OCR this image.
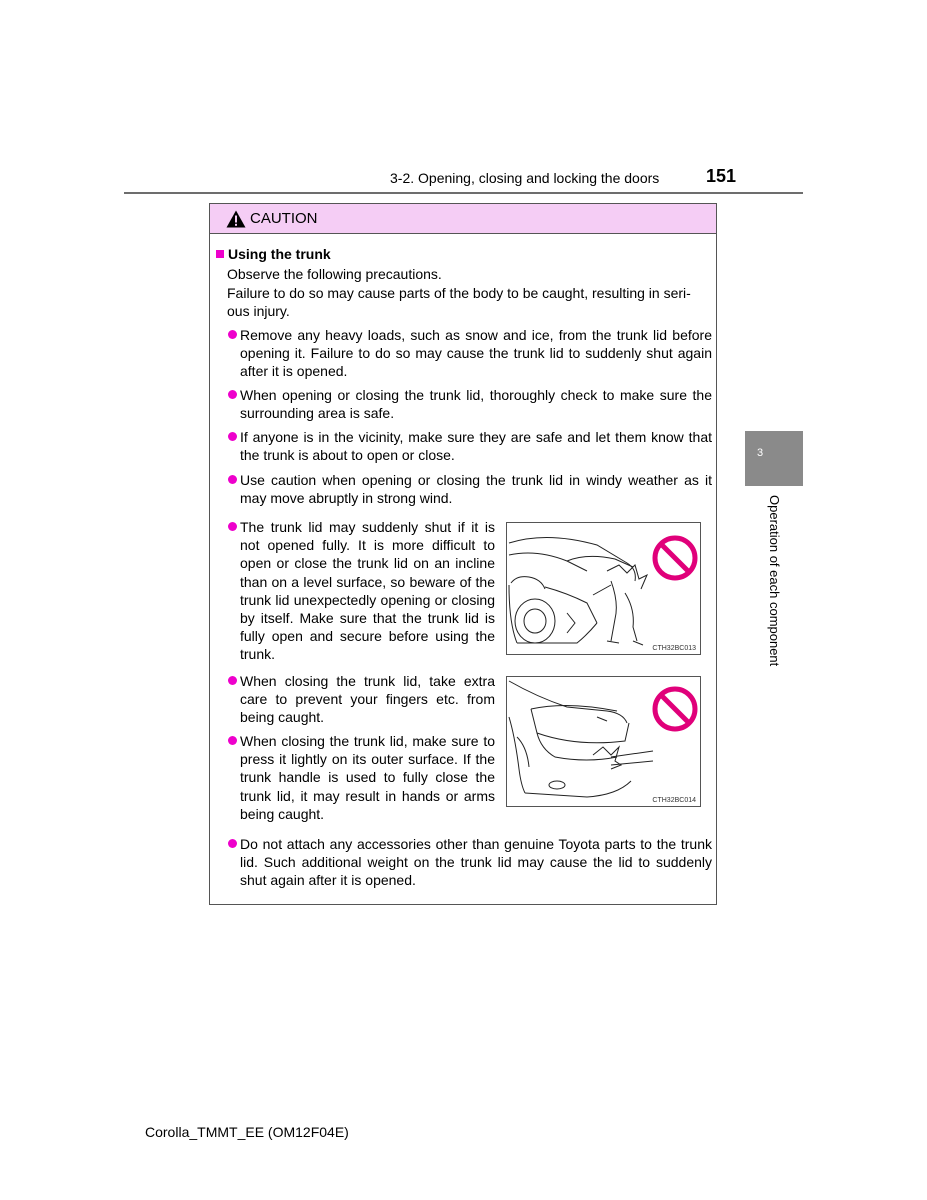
3-2. Opening, closing and locking the doors	151
3
Operation of each component
CAUTION
Using the trunk
Observe the following precautions.
Failure to do so may cause parts of the body to be caught, resulting in seri- ous injury.
Remove any heavy loads, such as snow and ice, from the trunk lid before opening it. Failure to do so may cause the trunk lid to suddenly shut again after it is opened.
When opening or closing the trunk lid, thoroughly check to make sure the surrounding area is safe.
If anyone is in the vicinity, make sure they are safe and let them know that the trunk is about to open or close.
Use caution when opening or closing the trunk lid in windy weather as it may move abruptly in strong wind.
The trunk lid may suddenly shut if it is not opened fully. It is more difficult to open or close the trunk lid on an incline than on a level surface, so beware of the trunk lid unexpectedly opening or closing by itself. Make sure that the trunk lid is fully open and secure before using the trunk.
When closing the trunk lid, take extra care to prevent your fingers etc. from being caught.
When closing the trunk lid, make sure to press it lightly on its outer surface. If the trunk handle is used to fully close the trunk lid, it may result in hands or arms being caught.
Do not attach any accessories other than genuine Toyota parts to the trunk lid. Such additional weight on the trunk lid may cause the lid to suddenly shut again after it is opened.
CTH32BC013
CTH32BC014
Corolla_TMMT_EE (OM12F04E)
